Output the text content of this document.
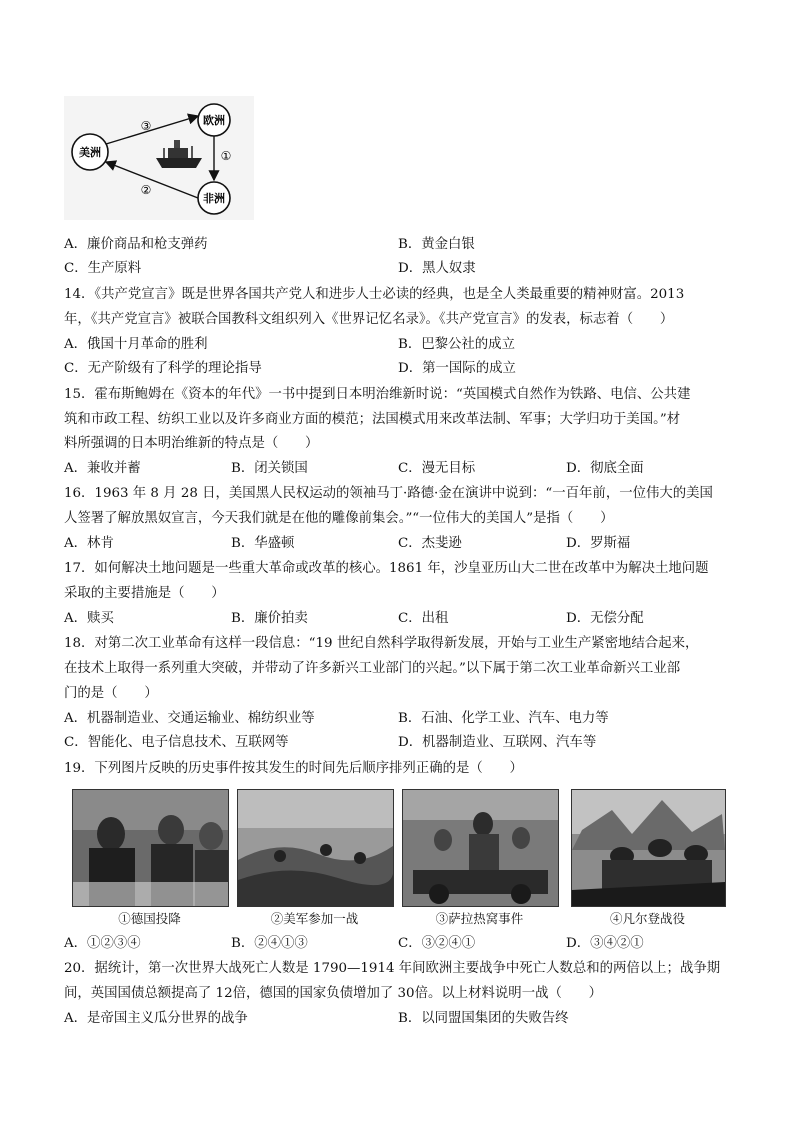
欧洲
美洲
非洲
③
①
②
A．廉价商品和枪支弹药	B．黄金白银
C．生产原料	D．黑人奴隶
14．《共产党宣言》既是世界各国共产党人和进步人士必读的经典，也是全人类最重要的精神财富。2013
年，《共产党宣言》被联合国教科文组织列入《世界记忆名录》。《共产党宣言》的发表，标志着（　　）
A．俄国十月革命的胜利	B．巴黎公社的成立
C．无产阶级有了科学的理论指导	D．第一国际的成立
15．霍布斯鲍姆在《资本的年代》一书中提到日本明治维新时说：“英国模式自然作为铁路、电信、公共建
筑和市政工程、纺织工业以及许多商业方面的模范；法国模式用来改革法制、军事；大学归功于美国。”材
料所强调的日本明治维新的特点是（　　）
A．兼收并蓄	B．闭关锁国	C．漫无目标	D．彻底全面
16．1963 年 8 月 28 日，美国黑人民权运动的领袖马丁·路德·金在演讲中说到：“一百年前，一位伟大的美国
人签署了解放黑奴宣言，今天我们就是在他的雕像前集会。”“一位伟大的美国人”是指（　　）
A．林肯	B．华盛顿	C．杰斐逊	D．罗斯福
17．如何解决土地问题是一些重大革命或改革的核心。1861 年，沙皇亚历山大二世在改革中为解决土地问题
采取的主要措施是（　　）
A．赎买	B．廉价拍卖	C．出租	D．无偿分配
18．对第二次工业革命有这样一段信息：“19 世纪自然科学取得新发展，开始与工业生产紧密地结合起来，
在技术上取得一系列重大突破，并带动了许多新兴工业部门的兴起。”以下属于第二次工业革命新兴工业部
门的是（　　）
A．机器制造业、交通运输业、棉纺织业等	B．石油、化学工业、汽车、电力等
C．智能化、电子信息技术、互联网等	D．机器制造业、互联网、汽车等
19．下列图片反映的历史事件按其发生的时间先后顺序排列正确的是（　　）
①德国投降	②美军参加一战	③萨拉热窝事件	④凡尔登战役
A．①②③④	B．②④①③	C．③②④①	D．③④②①
20．据统计，第一次世界大战死亡人数是 1790—1914 年间欧洲主要战争中死亡人数总和的两倍以上；战争期
间，英国国债总额提高了 12倍，德国的国家负债增加了 30倍。以上材料说明一战（　　）
A．是帝国主义瓜分世界的战争	B．以同盟国集团的失败告终
